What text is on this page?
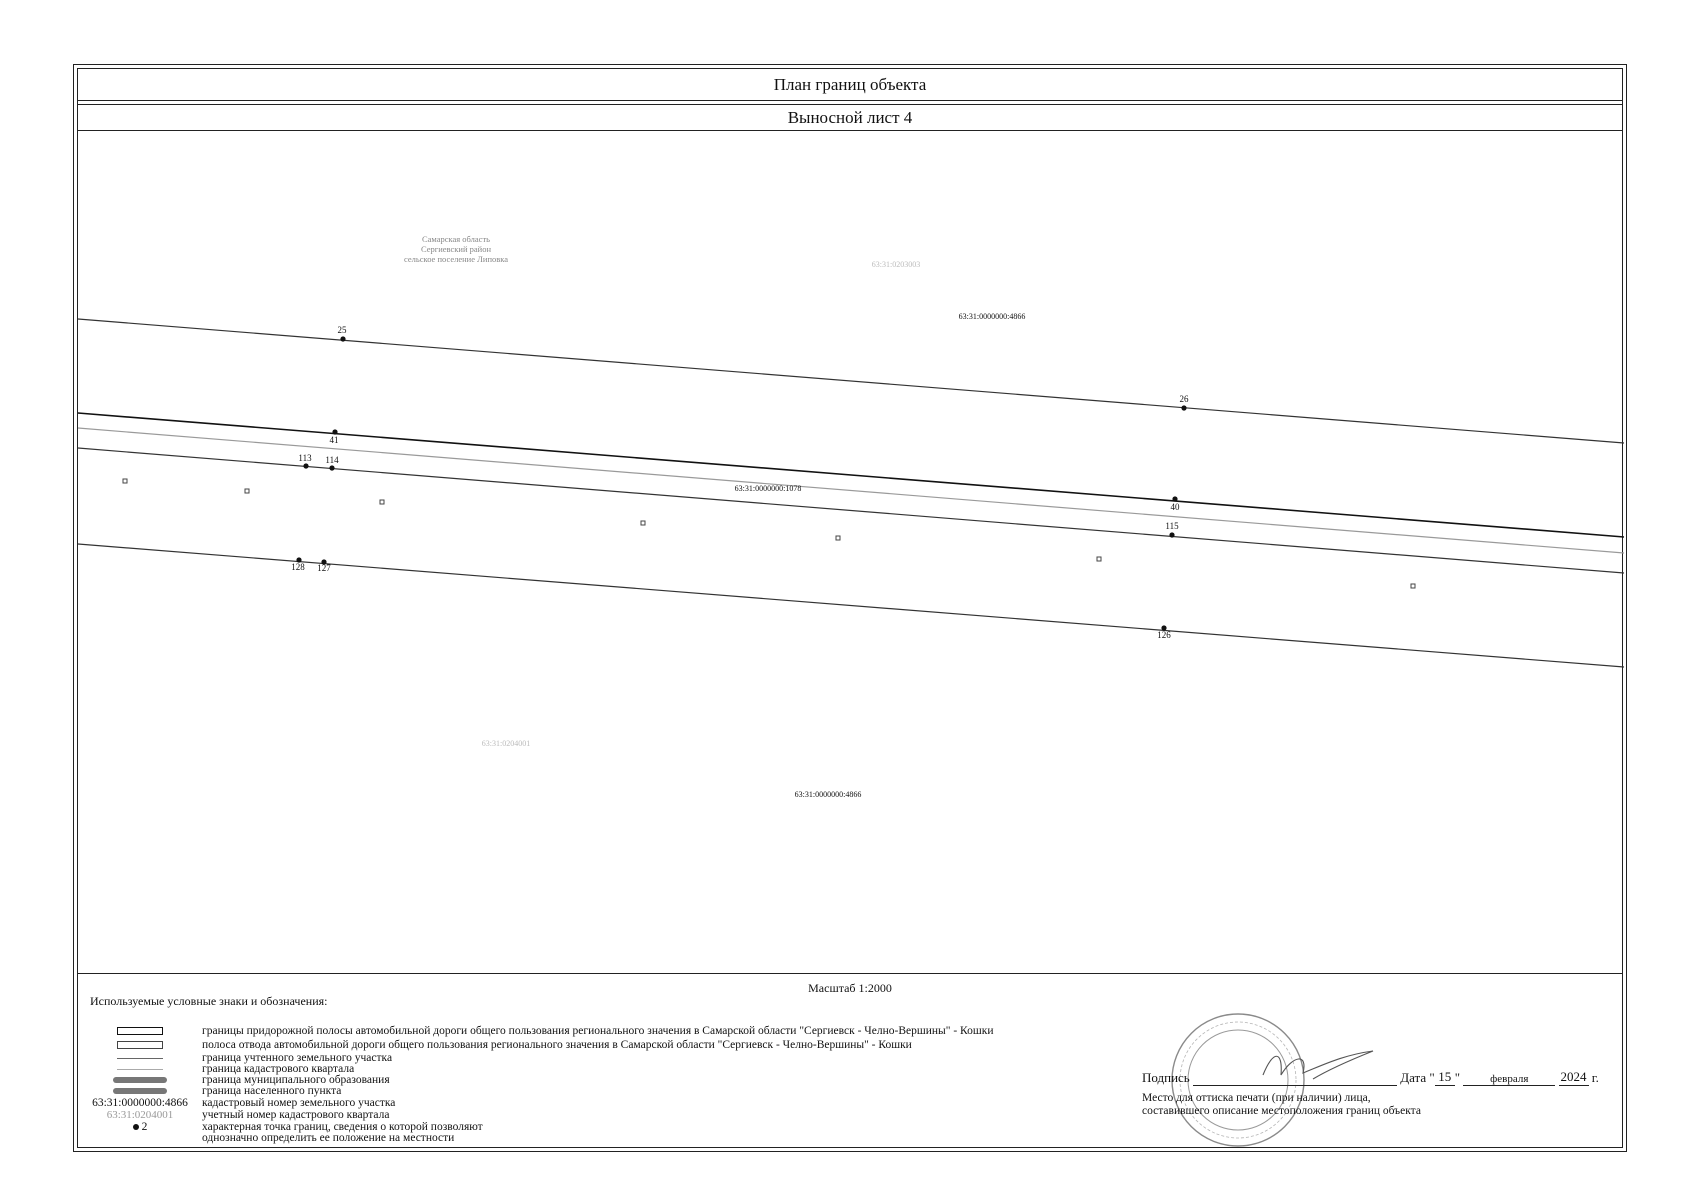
План границ объекта
Выносной лист 4
25
26
41
40
113 114
115
128 127
126
Самарская область
Сергиевский район
сельское поселение Липовка
63:31:0203003
63:31:0000000:4866
63:31:0000000:1078
63:31:0204001
63:31:0000000:4866
Масштаб 1:2000
Используемые условные знаки и обозначения:
границы придорожной полосы автомобильной дороги общего пользования регионального значения в Самарской области "Сергиевск - Челно-Вершины" - Кошки
полоса отвода автомобильной дороги общего пользования регионального значения в Самарской области "Сергиевск - Челно-Вершины" - Кошки
граница учтенного земельного участка
граница кадастрового квартала
граница муниципального образования
граница населенного пункта
63:31:0000000:4866 кадастровый номер земельного участка
63:31:0204001 учетный номер кадастрового квартала
2	характерная точка границ, сведения о которой позволяют
однозначно определить ее положение на местности
Подпись	Дата " 15 " февраля 2024 г.
Место для оттиска печати (при наличии) лица,
составившего описание местоположения границ объекта
